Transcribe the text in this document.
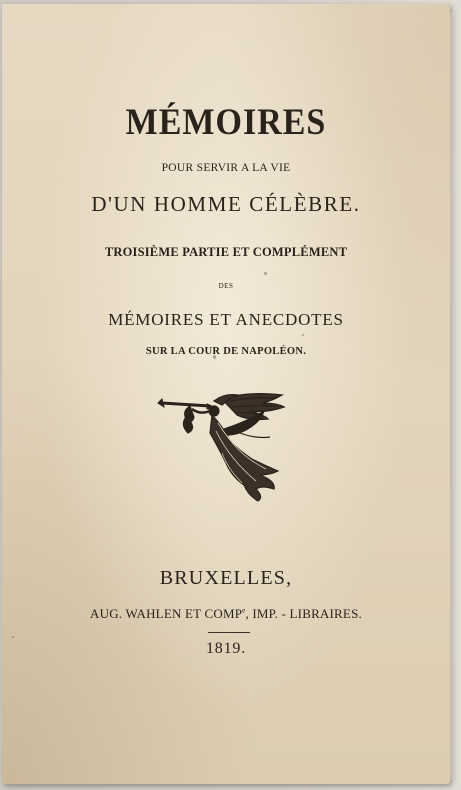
MÉMOIRES
POUR SERVIR A LA VIE
D'UN HOMME CÉLÈBRE.
TROISIÈME PARTIE ET COMPLÉMENT
DES
MÉMOIRES ET ANECDOTES
SUR LA COUR DE NAPOLÉON.
BRUXELLES,
AUG. WAHLEN ET COMP$^e$, IMP. - LIBRAIRES.
1819.
